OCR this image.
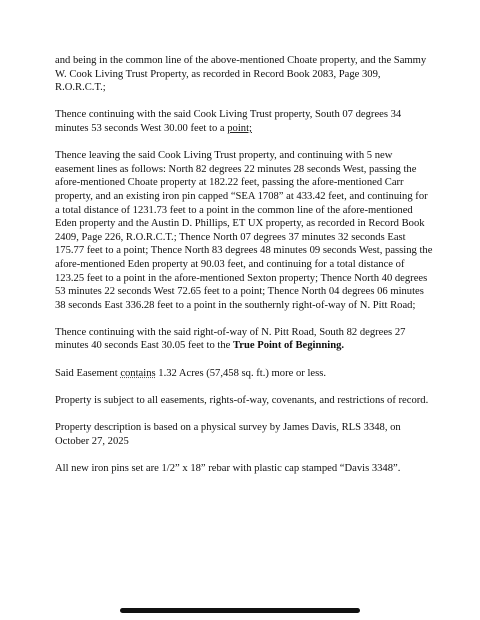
and being in the common line of the above-mentioned Choate property, and the Sammy W. Cook Living Trust Property, as recorded in Record Book 2083, Page 309, R.O.R.C.T.;

Thence continuing with the said Cook Living Trust property, South 07 degrees 34 minutes 53 seconds West 30.00 feet to a point;

Thence leaving the said Cook Living Trust property, and continuing with 5 new easement lines as follows: North 82 degrees 22 minutes 28 seconds West, passing the afore-mentioned Choate property at 182.22 feet, passing the afore-mentioned Carr property, and an existing iron pin capped “SEA 1708” at 433.42 feet, and continuing for a total distance of 1231.73 feet to a point in the common line of the afore-mentioned Eden property and the Austin D. Phillips, ET UX property, as recorded in Record Book 2409, Page 226, R.O.R.C.T.; Thence North 07 degrees 37 minutes 32 seconds East 175.77 feet to a point; Thence North 83 degrees 48 minutes 09 seconds West, passing the afore-mentioned Eden property at 90.03 feet, and continuing for a total distance of 123.25 feet to a point in the afore-mentioned Sexton property; Thence North 40 degrees 53 minutes 22 seconds West 72.65 feet to a point; Thence North 04 degrees 06 minutes 38 seconds East 336.28 feet to a point in the southernly right-of-way of N. Pitt Road;

Thence continuing with the said right-of-way of N. Pitt Road, South 82 degrees 27 minutes 40 seconds East 30.05 feet to the True Point of Beginning.

Said Easement contains 1.32 Acres (57,458 sq. ft.) more or less.

Property is subject to all easements, rights-of-way, covenants, and restrictions of record.

Property description is based on a physical survey by James Davis, RLS 3348, on October 27, 2025

All new iron pins set are 1/2” x 18” rebar with plastic cap stamped “Davis 3348”.
